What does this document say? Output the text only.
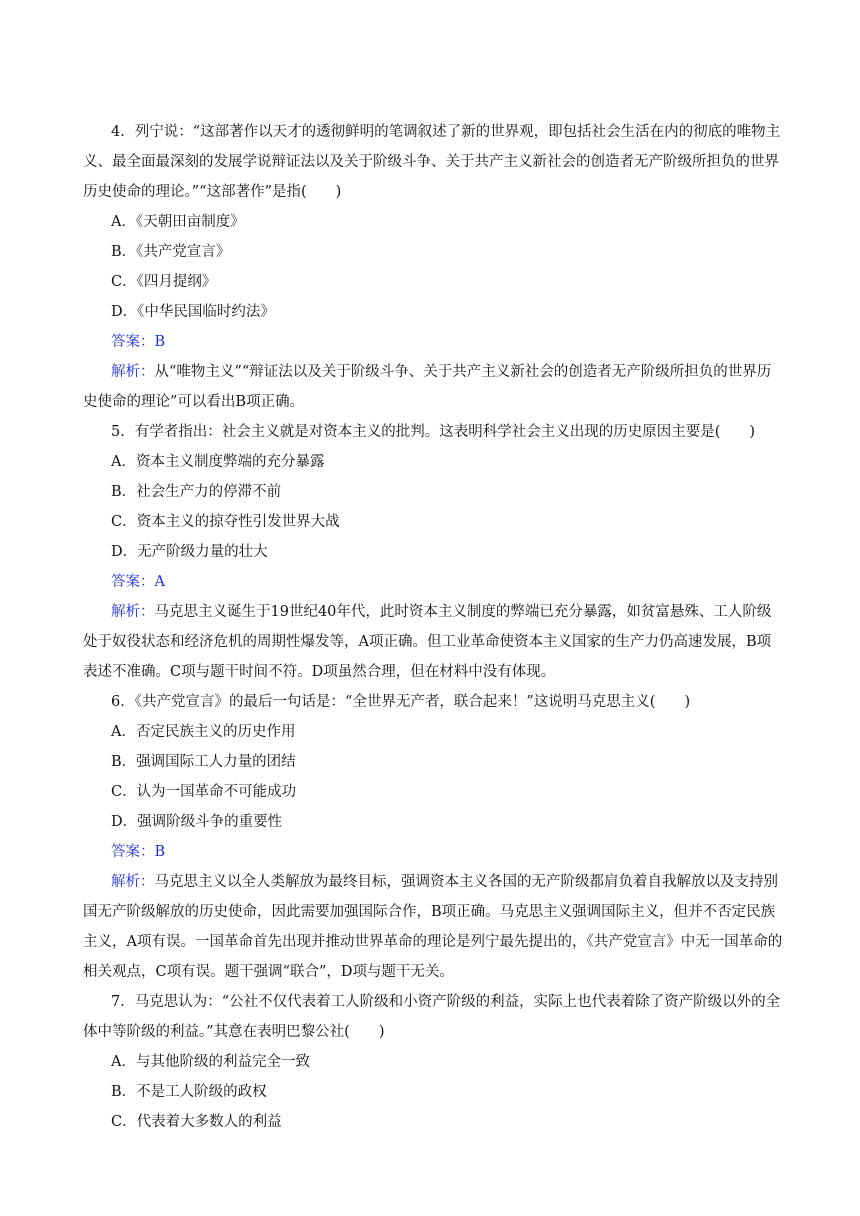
4．列宁说：“这部著作以天才的透彻鲜明的笔调叙述了新的世界观，即包括社会生活在内的彻底的唯物主义、最全面最深刻的发展学说辩证法以及关于阶级斗争、关于共产主义新社会的创造者无产阶级所担负的世界历史使命的理论。”“这部著作”是指(　　)

A．《天朝田亩制度》

B．《共产党宣言》

C．《四月提纲》

D．《中华民国临时约法》

答案：B

解析：从“唯物主义”“辩证法以及关于阶级斗争、关于共产主义新社会的创造者无产阶级所担负的世界历史使命的理论”可以看出B项正确。

5．有学者指出：社会主义就是对资本主义的批判。这表明科学社会主义出现的历史原因主要是(　　)

A．资本主义制度弊端的充分暴露

B．社会生产力的停滞不前

C．资本主义的掠夺性引发世界大战

D．无产阶级力量的壮大

答案：A

解析：马克思主义诞生于19世纪40年代，此时资本主义制度的弊端已充分暴露，如贫富悬殊、工人阶级处于奴役状态和经济危机的周期性爆发等，A项正确。但工业革命使资本主义国家的生产力仍高速发展，B项表述不准确。C项与题干时间不符。D项虽然合理，但在材料中没有体现。

6．《共产党宣言》的最后一句话是：“全世界无产者，联合起来！”这说明马克思主义(　　)

A．否定民族主义的历史作用

B．强调国际工人力量的团结

C．认为一国革命不可能成功

D．强调阶级斗争的重要性

答案：B

解析：马克思主义以全人类解放为最终目标，强调资本主义各国的无产阶级都肩负着自我解放以及支持别国无产阶级解放的历史使命，因此需要加强国际合作，B项正确。马克思主义强调国际主义，但并不否定民族主义，A项有误。一国革命首先出现并推动世界革命的理论是列宁最先提出的，《共产党宣言》中无一国革命的相关观点，C项有误。题干强调“联合”，D项与题干无关。

7．马克思认为：“公社不仅代表着工人阶级和小资产阶级的利益，实际上也代表着除了资产阶级以外的全体中等阶级的利益。”其意在表明巴黎公社(　　)

A．与其他阶级的利益完全一致

B．不是工人阶级的政权

C．代表着大多数人的利益
